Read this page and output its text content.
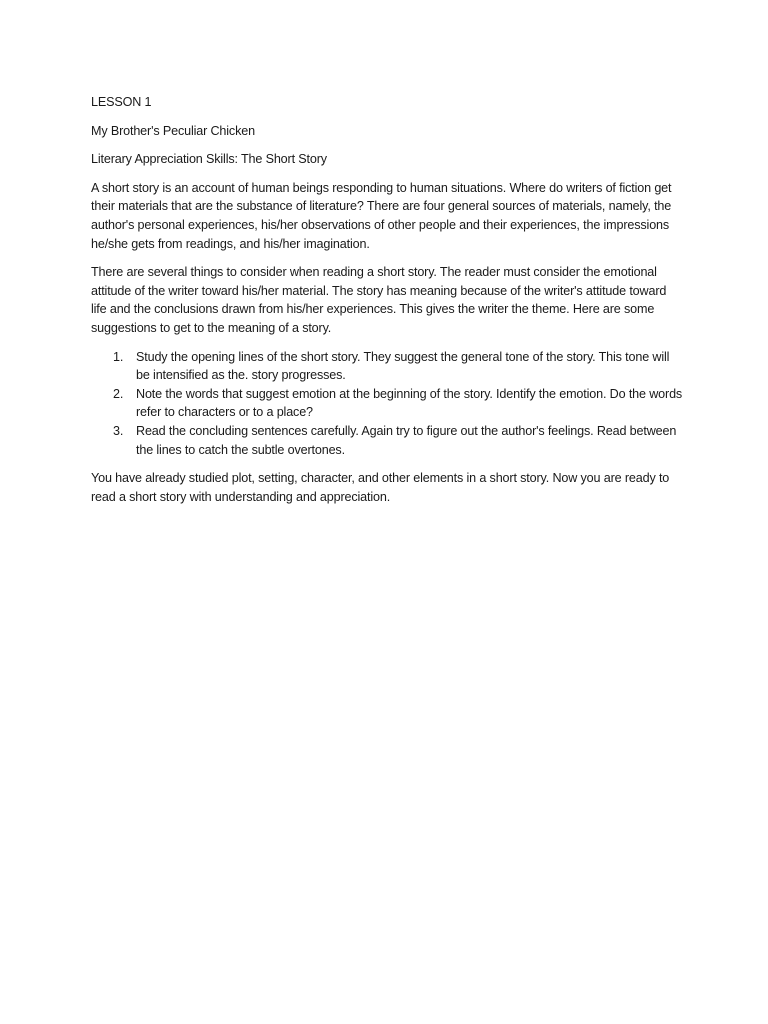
LESSON 1

My Brother's Peculiar Chicken

Literary Appreciation Skills: The Short Story

A short story is an account of human beings responding to human situations. Where do writers of fiction get their materials that are the substance of literature? There are four general sources of materials, namely, the author's personal experiences, his/her observations of other people and their experiences, the impressions he/she gets from readings, and his/her imagination.

There are several things to consider when reading a short story. The reader must consider the emotional attitude of the writer toward his/her material. The story has meaning because of the writer's attitude toward life and the conclusions drawn from his/her experiences. This gives the writer the theme. Here are some suggestions to get to the meaning of a story.

1. Study the opening lines of the short story. They suggest the general tone of the story. This tone will be intensified as the. story progresses.
2. Note the words that suggest emotion at the beginning of the story. Identify the emotion. Do the words refer to characters or to a place?
3. Read the concluding sentences carefully. Again try to figure out the author's feelings. Read between the lines to catch the subtle overtones.

You have already studied plot, setting, character, and other elements in a short story. Now you are ready to read a short story with understanding and appreciation.
